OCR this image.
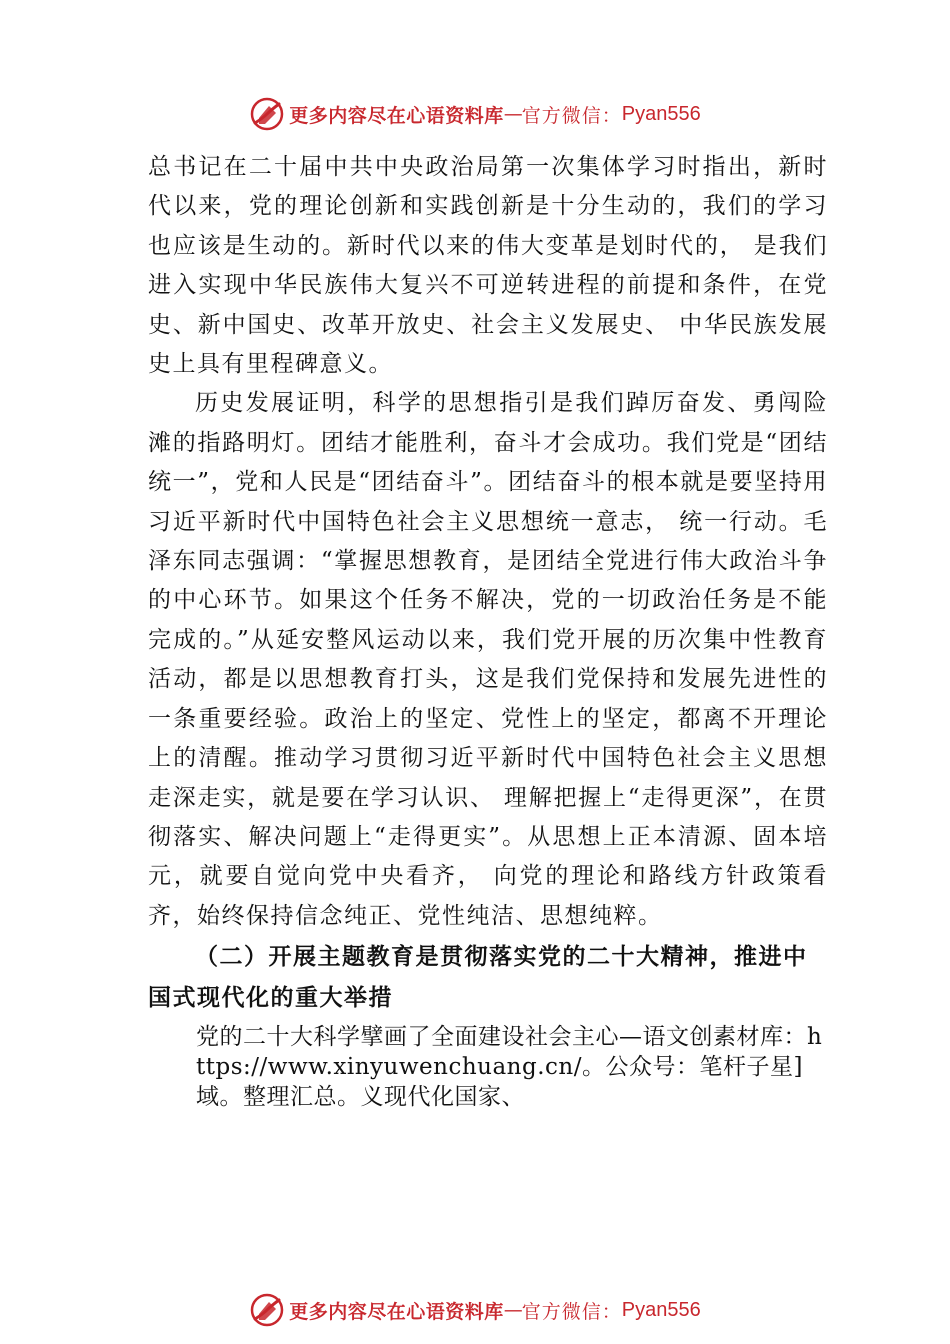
更多内容尽在心语资料库 — 官方微信： Pyan556

总书记在二十届中共中央政治局第一次集体学习时指出，新时代以来，党的理论创新和实践创新是十分生动的，我们的学习也应该是生动的。新时代以来的伟大变革是划时代的， 是我们进入实现中华民族伟大复兴不可逆转进程的前提和条件，在党史、新中国史、改革开放史、社会主义发展史、 中华民族发展史上具有里程碑意义。

历史发展证明，科学的思想指引是我们踔厉奋发、勇闯险滩的指路明灯。团结才能胜利，奋斗才会成功。我们党是“团结统一”，党和人民是“团结奋斗”。团结奋斗的根本就是要坚持用习近平新时代中国特色社会主义思想统一意志， 统一行动。毛泽东同志强调：“掌握思想教育，是团结全党进行伟大政治斗争的中心环节。如果这个任务不解决，党的一切政治任务是不能完成的。”从延安整风运动以来，我们党开展的历次集中性教育活动，都是以思想教育打头，这是我们党保持和发展先进性的一条重要经验。政治上的坚定、党性上的坚定，都离不开理论上的清醒。推动学习贯彻习近平新时代中国特色社会主义思想走深走实，就是要在学习认识、 理解把握上“走得更深”，在贯彻落实、解决问题上“走得更实”。从思想上正本清源、固本培元，就要自觉向党中央看齐， 向党的理论和路线方针政策看齐，始终保持信念纯正、党性纯洁、思想纯粹。

（二）开展主题教育是贯彻落实党的二十大精神，推进中国式现代化的重大举措

党的二十大科学擘画了全面建设社会主心—语文创素材库：https://www.xinyuwenchuang.cn/。公众号：笔杆子星]域。整理汇总。义现代化国家、

更多内容尽在心语资料库 — 官方微信： Pyan556
